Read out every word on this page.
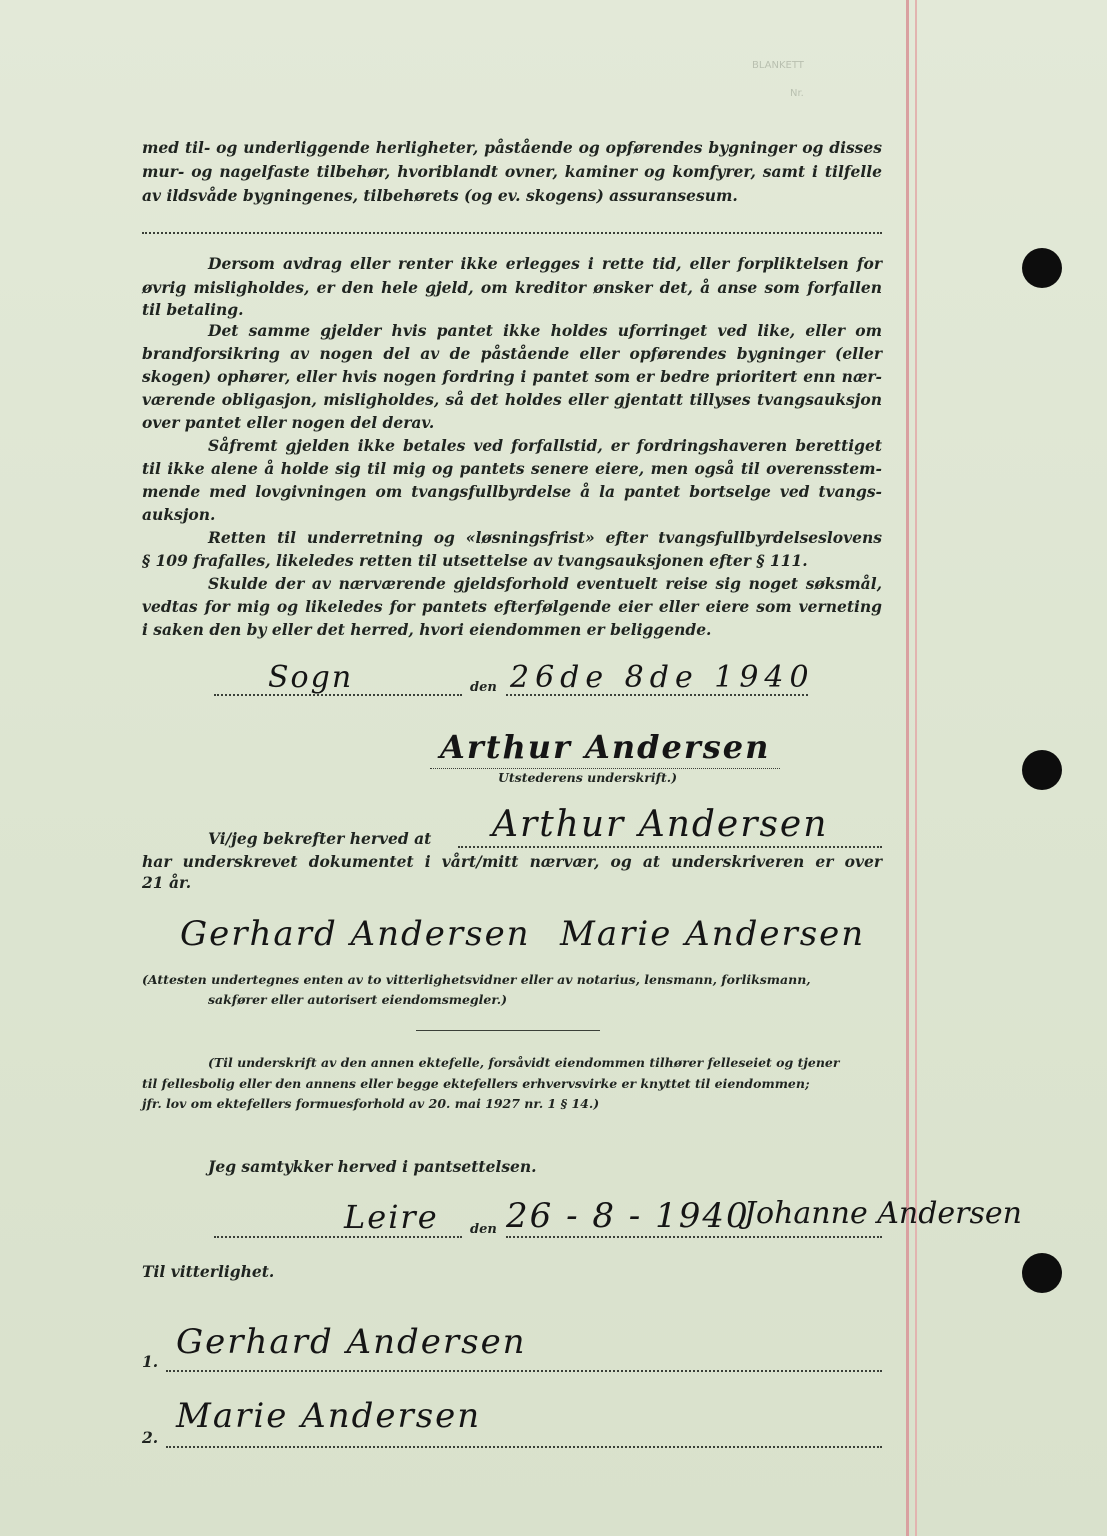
BLANKETT
Nr.
med til- og underliggende herligheter, påstående og opførendes bygninger og disses
mur- og nagelfaste tilbehør, hvoriblandt ovner, kaminer og komfyrer, samt i tilfelle
av ildsvåde bygningenes, tilbehørets (og ev. skogens) assuransesum.
Dersom avdrag eller renter ikke erlegges i rette tid, eller forpliktelsen for
øvrig misligholdes, er den hele gjeld, om kreditor ønsker det, å anse som forfallen
til betaling.
Det samme gjelder hvis pantet ikke holdes uforringet ved like, eller om
brandforsikring av nogen del av de påstående eller opførendes bygninger (eller
skogen) ophører, eller hvis nogen fordring i pantet som er bedre prioritert enn nær-
værende obligasjon, misligholdes, så det holdes eller gjentatt tillyses tvangsauksjon
over pantet eller nogen del derav.
Såfremt gjelden ikke betales ved forfallstid, er fordringshaveren berettiget
til ikke alene å holde sig til mig og pantets senere eiere, men også til overensstem-
mende med lovgivningen om tvangsfullbyrdelse å la pantet bortselge ved tvangs-
auksjon.
Retten til underretning og «løsningsfrist» efter tvangsfullbyrdelseslovens
§ 109 frafalles, likeledes retten til utsettelse av tvangsauksjonen efter § 111.
Skulde der av nærværende gjeldsforhold eventuelt reise sig noget søksmål,
vedtas for mig og likeledes for pantets efterfølgende eier eller eiere som verneting
i saken den by eller det herred, hvori eiendommen er beliggende.
Sogn	den 26de 8de 1940
Arthur Andersen
Utstederens underskrift.)
Vi/jeg bekrefter herved at Arthur Andersen
har underskrevet dokumentet i vårt/mitt nærvær, og at underskriveren er over
21 år.
Gerhard Andersen Marie Andersen
(Attesten undertegnes enten av to vitterlighetsvidner eller av notarius, lensmann, forliksmann,
sakfører eller autorisert eiendomsmegler.)
(Til underskrift av den annen ektefelle, forsåvidt eiendommen tilhører felleseiet og tjener
til fellesbolig eller den annens eller begge ektefellers erhvervsvirke er knyttet til eiendommen;
jfr. lov om ektefellers formuesforhold av 20. mai 1927 nr. 1 § 14.)
Jeg samtykker herved i pantsettelsen.
Leire den 26 - 8 - 1940
Johanne Andersen
Til vitterlighet.
1. Gerhard Andersen
2.
Marie Andersen
